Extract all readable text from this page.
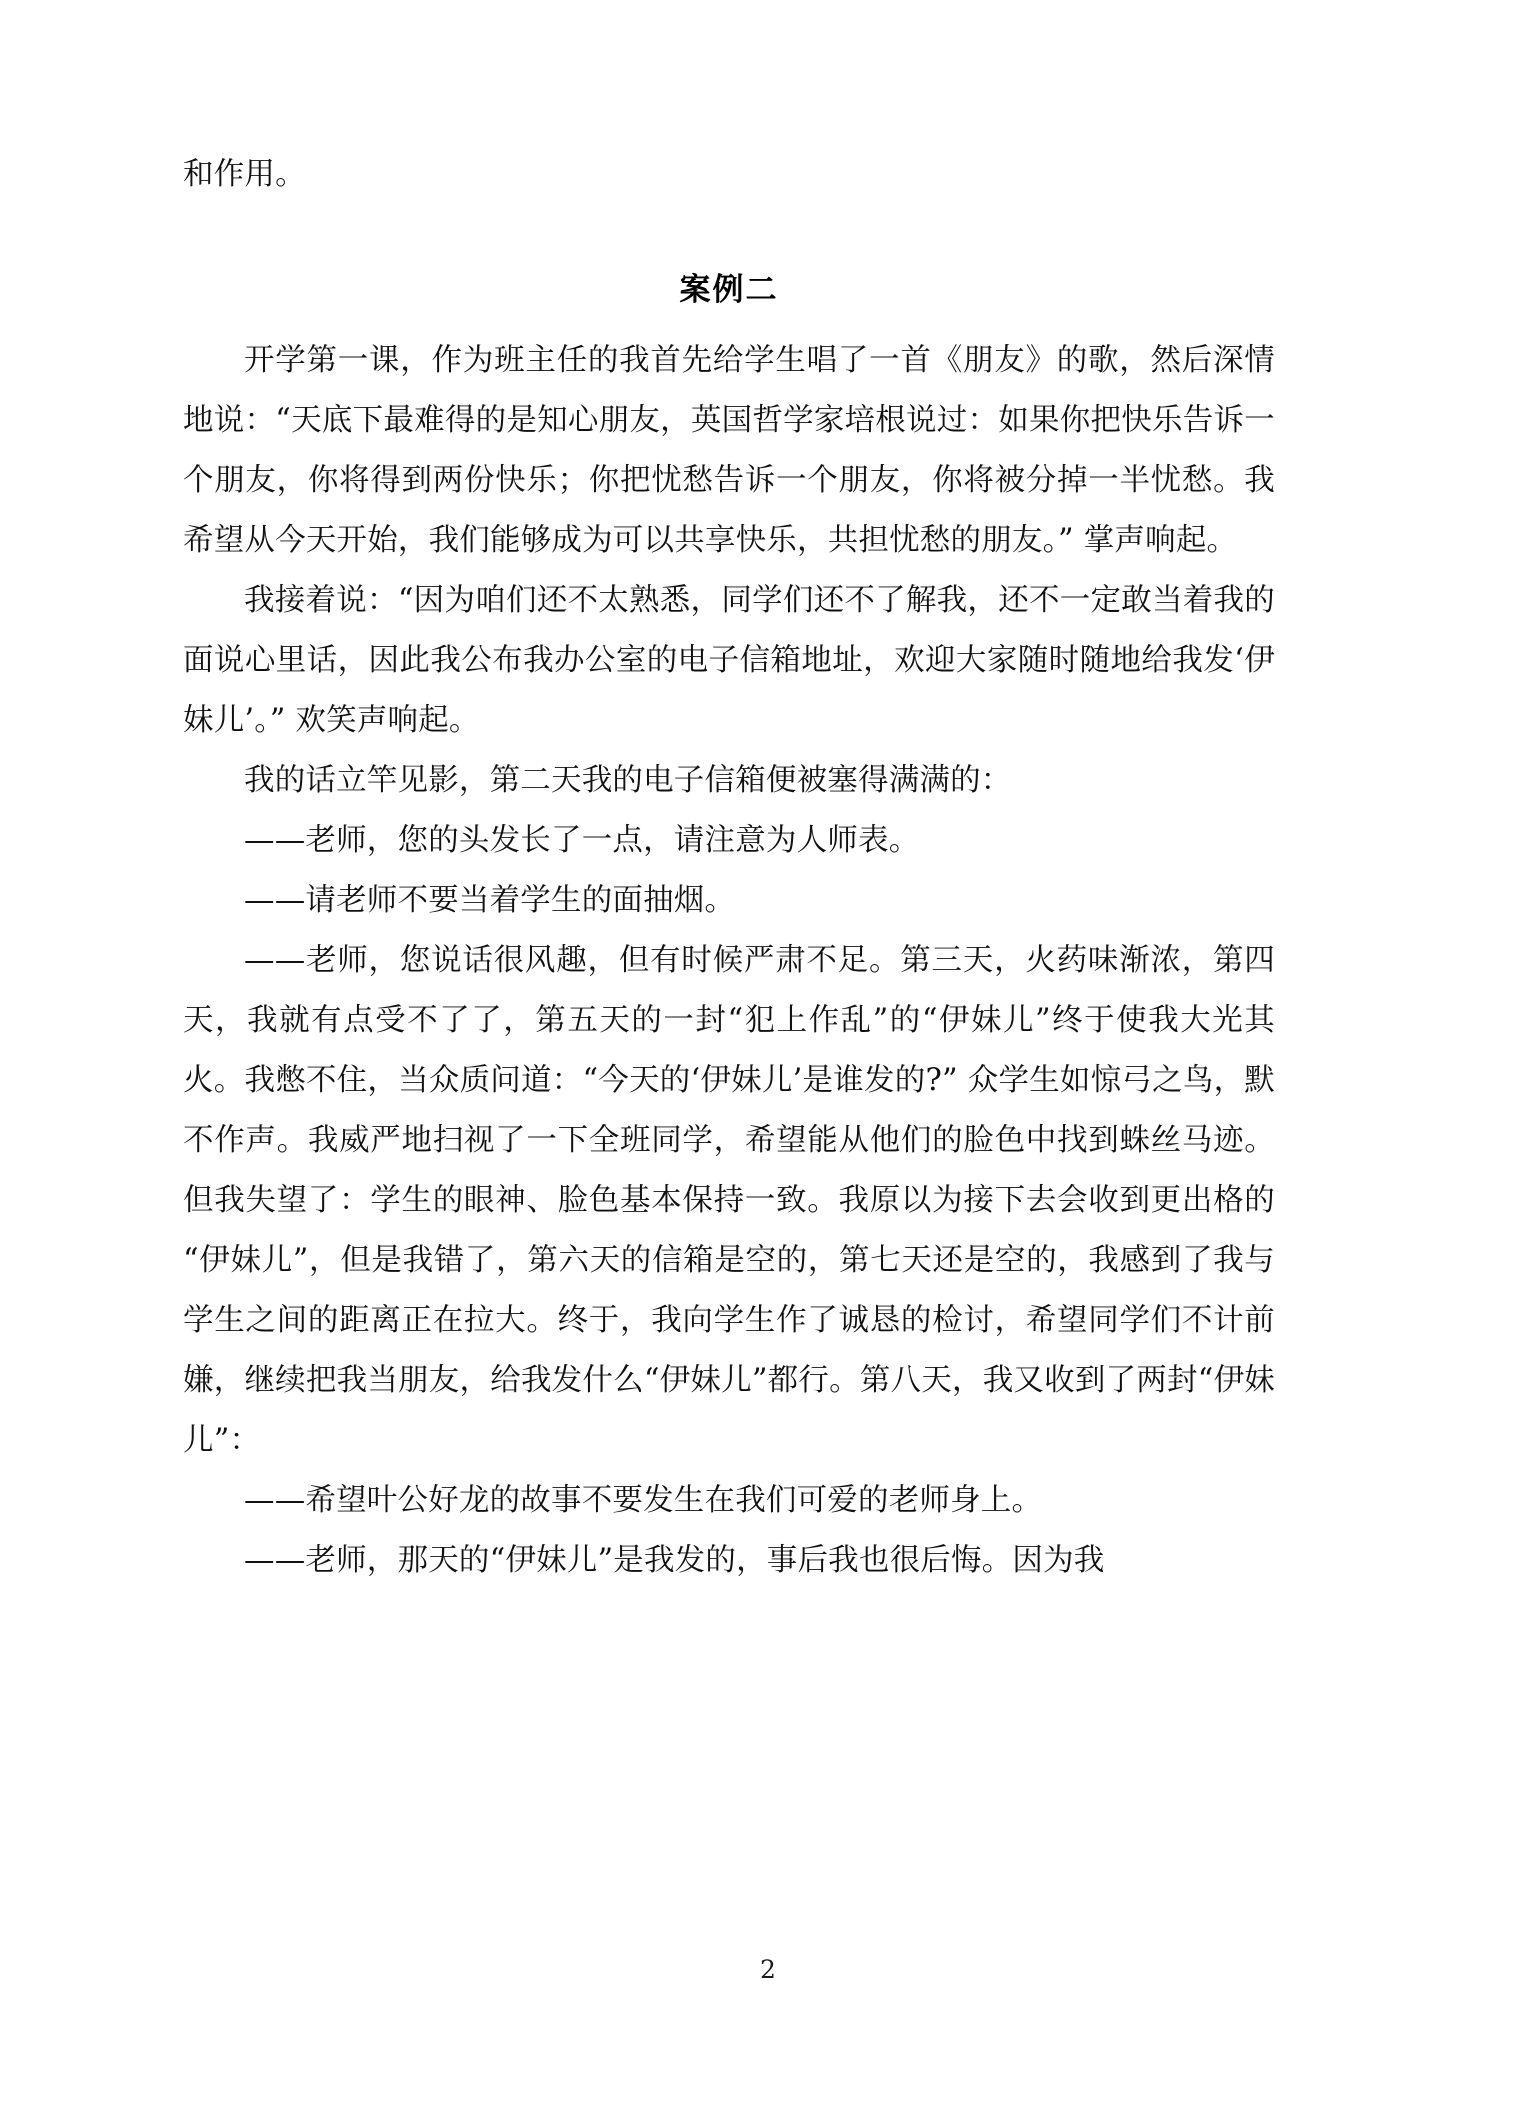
和作用。

案例二

开学第一课，作为班主任的我首先给学生唱了一首《朋友》的歌，然后深情地说：“天底下最难得的是知心朋友，英国哲学家培根说过：如果你把快乐告诉一个朋友，你将得到两份快乐；你把忧愁告诉一个朋友，你将被分掉一半忧愁。我希望从今天开始，我们能够成为可以共享快乐，共担忧愁的朋友。” 掌声响起。

我接着说：“因为咱们还不太熟悉，同学们还不了解我，还不一定敢当着我的面说心里话，因此我公布我办公室的电子信箱地址，欢迎大家随时随地给我发‘伊妹儿’。” 欢笑声响起。

我的话立竿见影，第二天我的电子信箱便被塞得满满的：

——老师，您的头发长了一点，请注意为人师表。

——请老师不要当着学生的面抽烟。

——老师，您说话很风趣，但有时候严肃不足。第三天，火药味渐浓，第四天，我就有点受不了了，第五天的一封“犯上作乱”的“伊妹儿”终于使我大光其火。我憋不住，当众质问道：“今天的‘伊妹儿’是谁发的?” 众学生如惊弓之鸟，默不作声。我威严地扫视了一下全班同学，希望能从他们的脸色中找到蛛丝马迹。但我失望了：学生的眼神、脸色基本保持一致。我原以为接下去会收到更出格的“伊妹儿”，但是我错了，第六天的信箱是空的，第七天还是空的，我感到了我与学生之间的距离正在拉大。终于，我向学生作了诚恳的检讨，希望同学们不计前嫌，继续把我当朋友，给我发什么“伊妹儿”都行。第八天，我又收到了两封“伊妹儿”：

——希望叶公好龙的故事不要发生在我们可爱的老师身上。

——老师，那天的“伊妹儿”是我发的，事后我也很后悔。因为我

2
